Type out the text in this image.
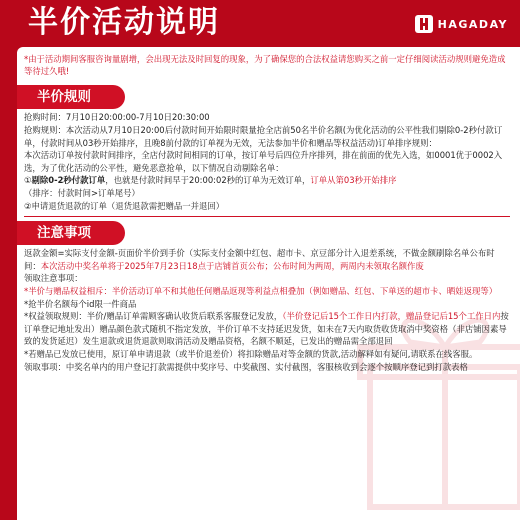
半价活动说明	HAGADAY

*由于活动期间客服咨询量剧增，会出现无法及时回复的现象，为了确保您的合法权益请您购买之前一定仔细阅读活动规则避免造成等待过久哦!

半价规则

抢购时间：7月10日20:00:00-7月10日20:30:00

抢购规则：本次活动从7月10日20:00后付款时间开始限时限量抢全店前50名半价名额(为优化活动的公平性我们剔除0-2秒付款订单，付款时间从03秒开始排序，且晚8前付款的订单视为无效，无法参加半价和赠品等权益活动)订单排序规则：

本次活动订单按付款时间排序，全店付款时间相同的订单，按订单号后四位升序排列，排在前面的优先入选，如0001优于0002入选，为了优化活动的公平性，避免恶意抢单，以下情况自动剔除名单：

①剔除0-2秒付款订单，也就是付款时间早于20:00:02秒的订单为无效订单，订单从第03秒开始排序（排序：付款时间>订单尾号）

②申请退货退款的订单（退货退款需把赠品一并退回）

注意事项

返款金额=实际支付金额-页面价半价到手价（实际支付金额中红包、超市卡、京豆部分计入退差系统，不做金额刷除名单公布时间：本次活动中奖名单将于2025年7月23日18点于店铺首页公布；公布时间为两周，两周内未领取名额作废

领取注意事项：

*半价与赠品权益相斥：半价活动订单不和其他任何赠品返现等利益点相叠加（例如赠品、红包、下单送的超市卡、晒娃返现等）

*抢半价名额每个id限一件商品

*权益领取规则：半价/赠品订单需顾客确认收货后联系客服登记发放，（半价登记后15个工作日内打款，赠品登记后15个工作日内按订单登记地址发出）赠品颜色款式随机不指定发放，半价订单不支持延迟发货，如未在7天内取货收货取消中奖资格（非店铺因素导致的发货延迟）发生退款或退货退款则取消活动及赠品资格，名额不顺延，已发出的赠品需全部退回

*若赠品已发放已使用，原订单申请退款（或半价退差价）将扣除赠品对等金额的货款,活动解释如有疑问,请联系在线客服。

领取事项：中奖名单内的用户登记打款需提供中奖序号、中奖截图、实付截图，客服核收到会逐个按顺序登记到打款表格
